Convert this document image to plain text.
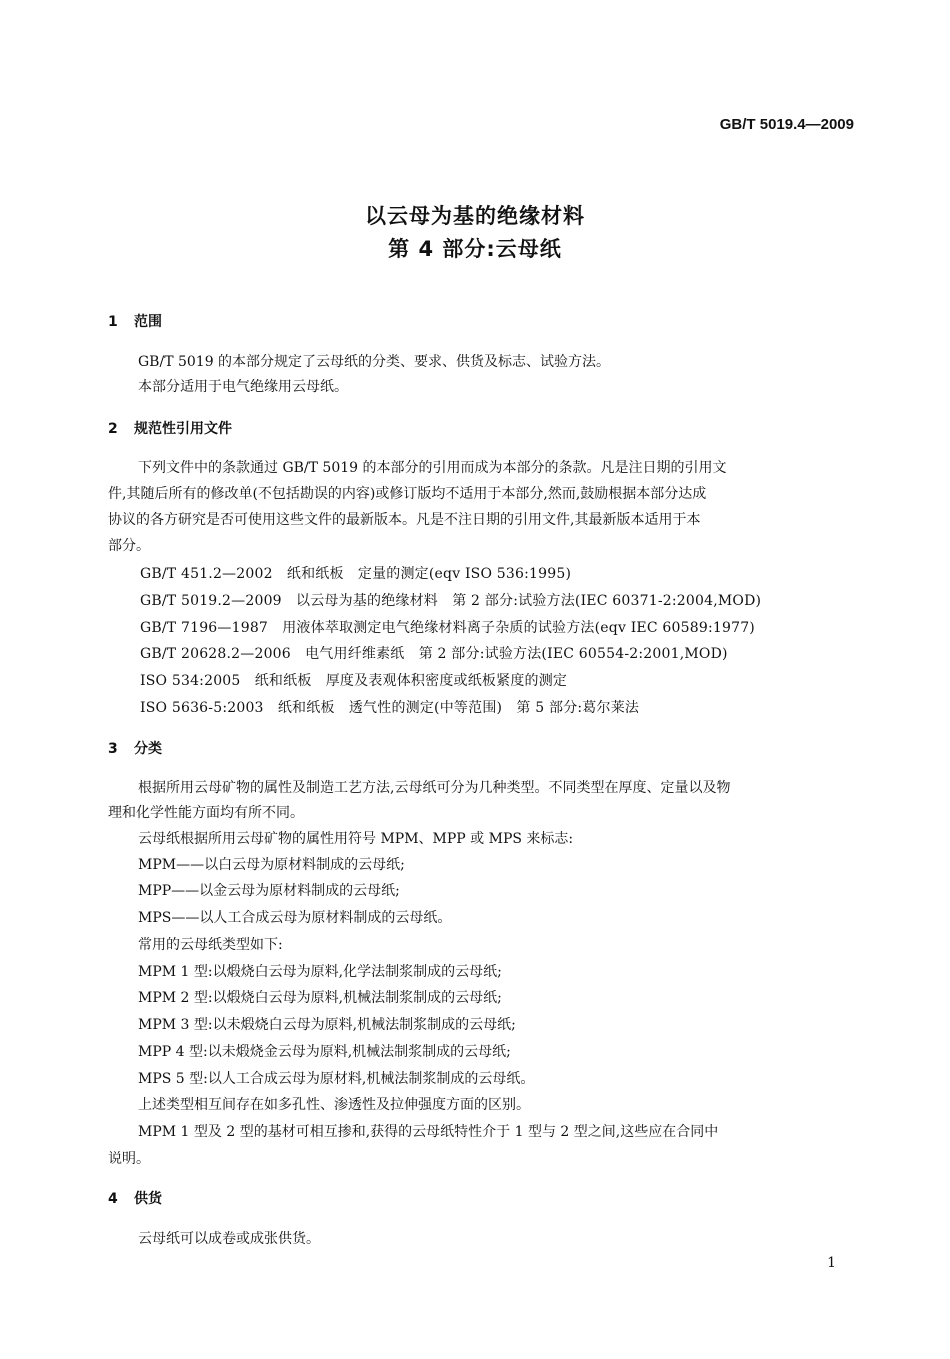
GB/T 5019.4—2009
以云母为基的绝缘材料
第 4 部分:云母纸
1 范围
GB/T 5019 的本部分规定了云母纸的分类、要求、供货及标志、试验方法。
本部分适用于电气绝缘用云母纸。
2 规范性引用文件
下列文件中的条款通过 GB/T 5019 的本部分的引用而成为本部分的条款。凡是注日期的引用文
件,其随后所有的修改单(不包括勘误的内容)或修订版均不适用于本部分,然而,鼓励根据本部分达成
协议的各方研究是否可使用这些文件的最新版本。凡是不注日期的引用文件,其最新版本适用于本
部分。
GB/T 451.2—2002　纸和纸板　定量的测定(eqv ISO 536:1995)
GB/T 5019.2—2009　以云母为基的绝缘材料　第 2 部分:试验方法(IEC 60371-2:2004,MOD)
GB/T 7196—1987　用液体萃取测定电气绝缘材料离子杂质的试验方法(eqv IEC 60589:1977)
GB/T 20628.2—2006　电气用纤维素纸　第 2 部分:试验方法(IEC 60554-2:2001,MOD)
ISO 534:2005　纸和纸板　厚度及表观体积密度或纸板紧度的测定
ISO 5636-5:2003　纸和纸板　透气性的测定(中等范围)　第 5 部分:葛尔莱法
3 分类
根据所用云母矿物的属性及制造工艺方法,云母纸可分为几种类型。不同类型在厚度、定量以及物
理和化学性能方面均有所不同。
云母纸根据所用云母矿物的属性用符号 MPM、MPP 或 MPS 来标志:
MPM——以白云母为原材料制成的云母纸;
MPP——以金云母为原材料制成的云母纸;
MPS——以人工合成云母为原材料制成的云母纸。
常用的云母纸类型如下:
MPM 1 型:以煅烧白云母为原料,化学法制浆制成的云母纸;
MPM 2 型:以煅烧白云母为原料,机械法制浆制成的云母纸;
MPM 3 型:以未煅烧白云母为原料,机械法制浆制成的云母纸;
MPP 4 型:以未煅烧金云母为原料,机械法制浆制成的云母纸;
MPS 5 型:以人工合成云母为原材料,机械法制浆制成的云母纸。
上述类型相互间存在如多孔性、渗透性及拉伸强度方面的区别。
MPM 1 型及 2 型的基材可相互掺和,获得的云母纸特性介于 1 型与 2 型之间,这些应在合同中
说明。
4 供货
云母纸可以成卷或成张供货。
1
